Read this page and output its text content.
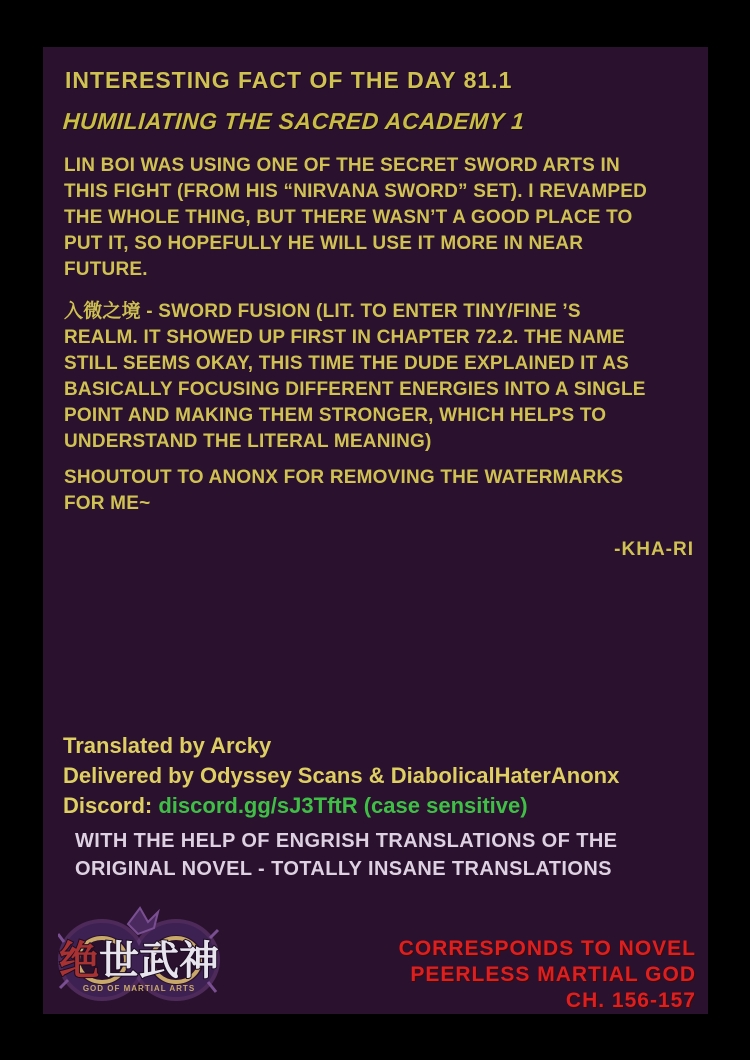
INTERESTING FACT OF THE DAY 81.1
HUMILIATING THE SACRED ACADEMY 1
LIN BOI WAS USING ONE OF THE SECRET SWORD ARTS IN
THIS FIGHT (FROM HIS “NIRVANA SWORD” SET). I REVAMPED
THE WHOLE THING, BUT THERE WASN’T A GOOD PLACE TO
PUT IT, SO HOPEFULLY HE WILL USE IT MORE IN NEAR
FUTURE.
入微之境 - SWORD FUSION (LIT. TO ENTER TINY/FINE ’S
REALM. IT SHOWED UP FIRST IN CHAPTER 72.2. THE NAME
STILL SEEMS OKAY, THIS TIME THE DUDE EXPLAINED IT AS
BASICALLY FOCUSING DIFFERENT ENERGIES INTO A SINGLE
POINT AND MAKING THEM STRONGER, WHICH HELPS TO
UNDERSTAND THE LITERAL MEANING)
SHOUTOUT TO ANONX FOR REMOVING THE WATERMARKS
FOR ME~
-KHA-RI
Translated by Arcky
Delivered by Odyssey Scans & DiabolicalHaterAnonx
Discord: discord.gg/sJ3TftR (case sensitive)
WITH THE HELP OF ENGRISH TRANSLATIONS OF THE
ORIGINAL NOVEL - TOTALLY INSANE TRANSLATIONS
绝世武神
GOD OF MARTIAL ARTS
CORRESPONDS TO NOVEL
PEERLESS MARTIAL GOD
CH. 156-157
